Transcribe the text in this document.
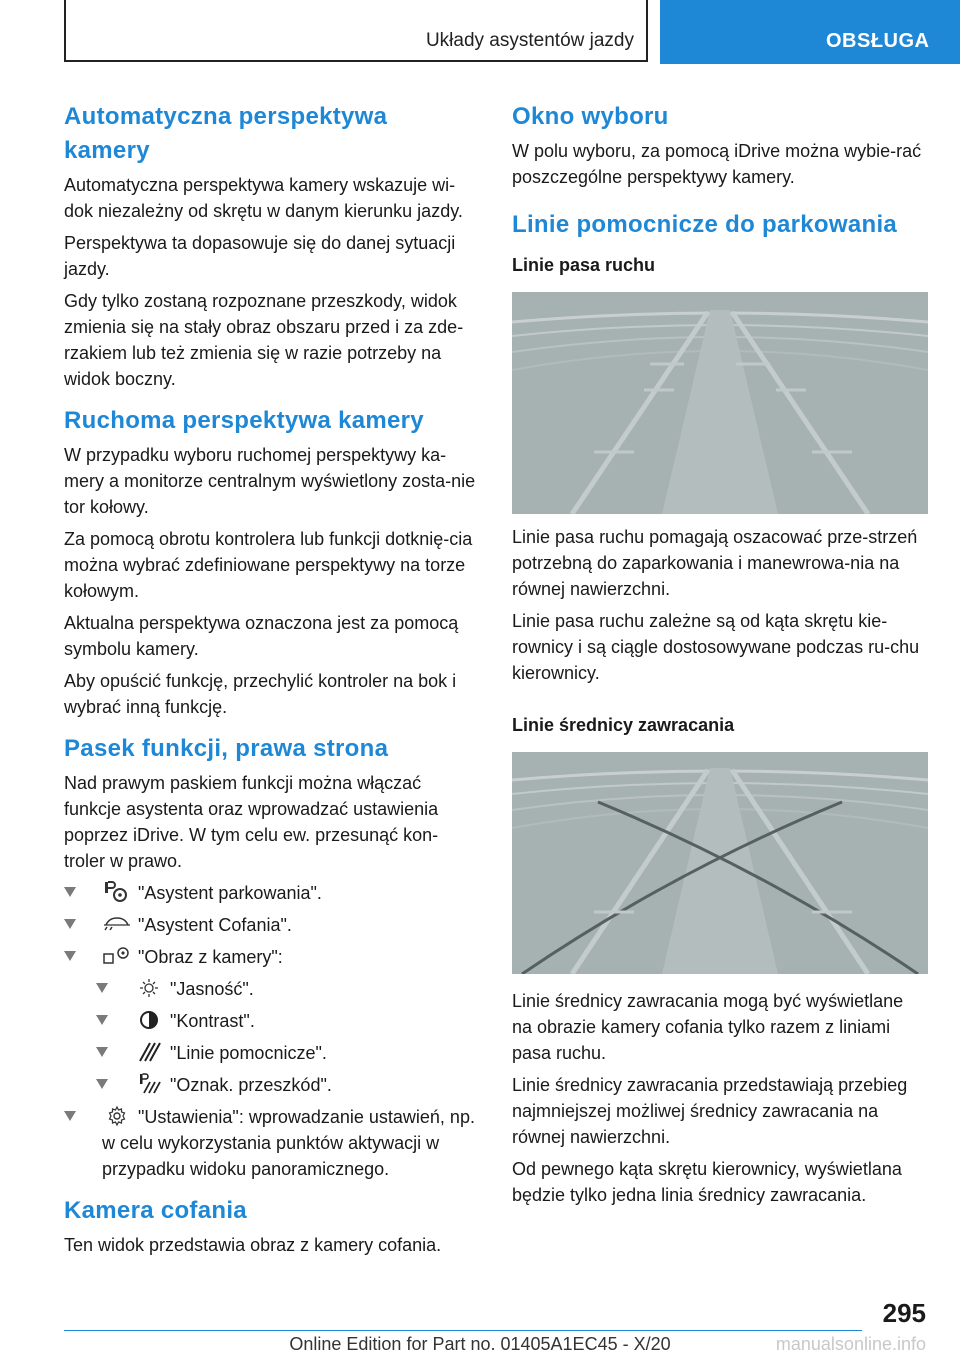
Układy asystentów jazdy	OBSŁUGA
Automatyczna perspektywa kamery

Automatyczna perspektywa kamery wskazuje wi-dok niezależny od skrętu w danym kierunku jazdy.

Perspektywa ta dopasowuje się do danej sytuacji jazdy.

Gdy tylko zostaną rozpoznane przeszkody, widok zmienia się na stały obraz obszaru przed i za zde-rzakiem lub też zmienia się w razie potrzeby na widok boczny.

Ruchoma perspektywa kamery

W przypadku wyboru ruchomej perspektywy ka-mery a monitorze centralnym wyświetlony zosta-nie tor kołowy.

Za pomocą obrotu kontrolera lub funkcji dotknię-cia można wybrać zdefiniowane perspektywy na torze kołowym.

Aktualna perspektywa oznaczona jest za pomocą symbolu kamery.

Aby opuścić funkcję, przechylić kontroler na bok i wybrać inną funkcję.

Pasek funkcji, prawa strona

Nad prawym paskiem funkcji można włączać funkcje asystenta oraz wprowadzać ustawienia poprzez iDrive. W tym celu ew. przesunąć kon-troler w prawo.

"Asystent parkowania".
"Asystent Cofania".
"Obraz z kamery":
"Jasność".
"Kontrast".
"Linie pomocnicze".
"Oznak. przeszkód".
"Ustawienia": wprowadzanie ustawień, np. w celu wykorzystania punktów aktywacji w przypadku widoku panoramicznego.
Kamera cofania

Ten widok przedstawia obraz z kamery cofania.

Okno wyboru

W polu wyboru, za pomocą iDrive można wybie-rać poszczególne perspektywy kamery.

Linie pomocnicze do parkowania
Linie pasa ruchu

Linie pasa ruchu pomagają oszacować prze-strzeń potrzebną do zaparkowania i manewrowa-nia na równej nawierzchni.

Linie pasa ruchu zależne są od kąta skrętu kie-rownicy i są ciągle dostosowywane podczas ru-chu kierownicy.

Linie średnicy zawracania

Linie średnicy zawracania mogą być wyświetlane na obrazie kamery cofania tylko razem z liniami pasa ruchu.

Linie średnicy zawracania przedstawiają przebieg najmniejszej możliwej średnicy zawracania na równej nawierzchni.

Od pewnego kąta skrętu kierownicy, wyświetlana będzie tylko jedna linia średnicy zawracania.

295
Online Edition for Part no. 01405A1EC45 - X/20	manualsonline.info
